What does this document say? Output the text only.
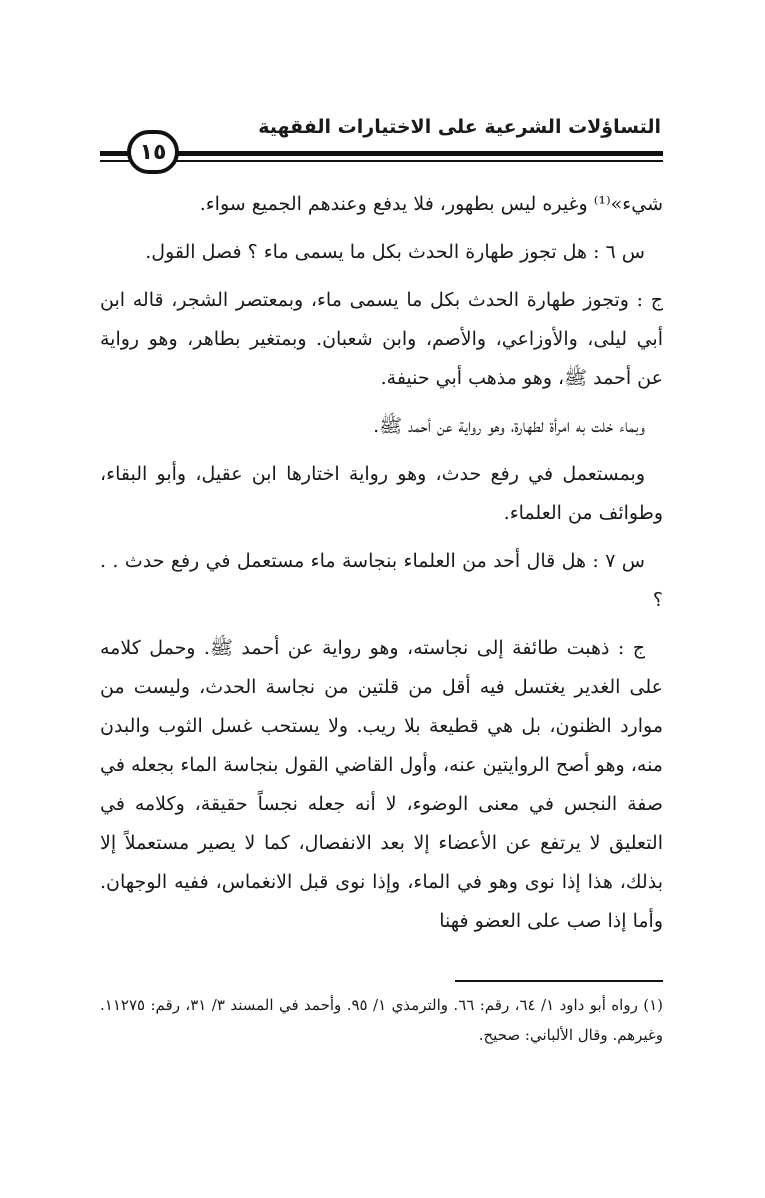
التساؤلات الشرعية على الاختيارات الفقهية
١٥

شيء»⁽¹⁾ وغيره ليس بطهور، فلا يدفع وعندهم الجميع سواء.

س ٦ : هل تجوز طهارة الحدث بكل ما يسمى ماء ؟ فصل القول.

ج : وتجوز طهارة الحدث بكل ما يسمى ماء، وبمعتصر الشجر، قاله ابن أبي ليلى، والأوزاعي، والأصم، وابن شعبان. وبمتغير بطاهر، وهو رواية عن أحمد ﷺ، وهو مذهب أبي حنيفة.

وبماء خلت به امرأة لطهارة، وهو رواية عن أحمد ﷺ.

وبمستعمل في رفع حدث، وهو رواية اختارها ابن عقيل، وأبو البقاء، وطوائف من العلماء.

س ٧ : هل قال أحد من العلماء بنجاسة ماء مستعمل في رفع حدث . . ؟

ج : ذهبت طائفة إلى نجاسته، وهو رواية عن أحمد ﷺ. وحمل كلامه على الغدير يغتسل فيه أقل من قلتين من نجاسة الحدث، وليست من موارد الظنون، بل هي قطيعة بلا ريب. ولا يستحب غسل الثوب والبدن منه، وهو أصح الروايتين عنه، وأول القاضي القول بنجاسة الماء بجعله في صفة النجس في معنى الوضوء، لا أنه جعله نجساً حقيقة، وكلامه في التعليق لا يرتفع عن الأعضاء إلا بعد الانفصال، كما لا يصير مستعملاً إلا بذلك، هذا إذا نوى وهو في الماء، وإذا نوى قبل الانغماس، ففيه الوجهان. وأما إذا صب على العضو فهنا

(١) رواه أبو داود ١/ ٦٤، رقم: ٦٦. والترمذي ١/ ٩٥. وأحمد في المسند ٣/ ٣١، رقم: ١١٢٧٥. وغيرهم. وقال الألباني: صحيح.
